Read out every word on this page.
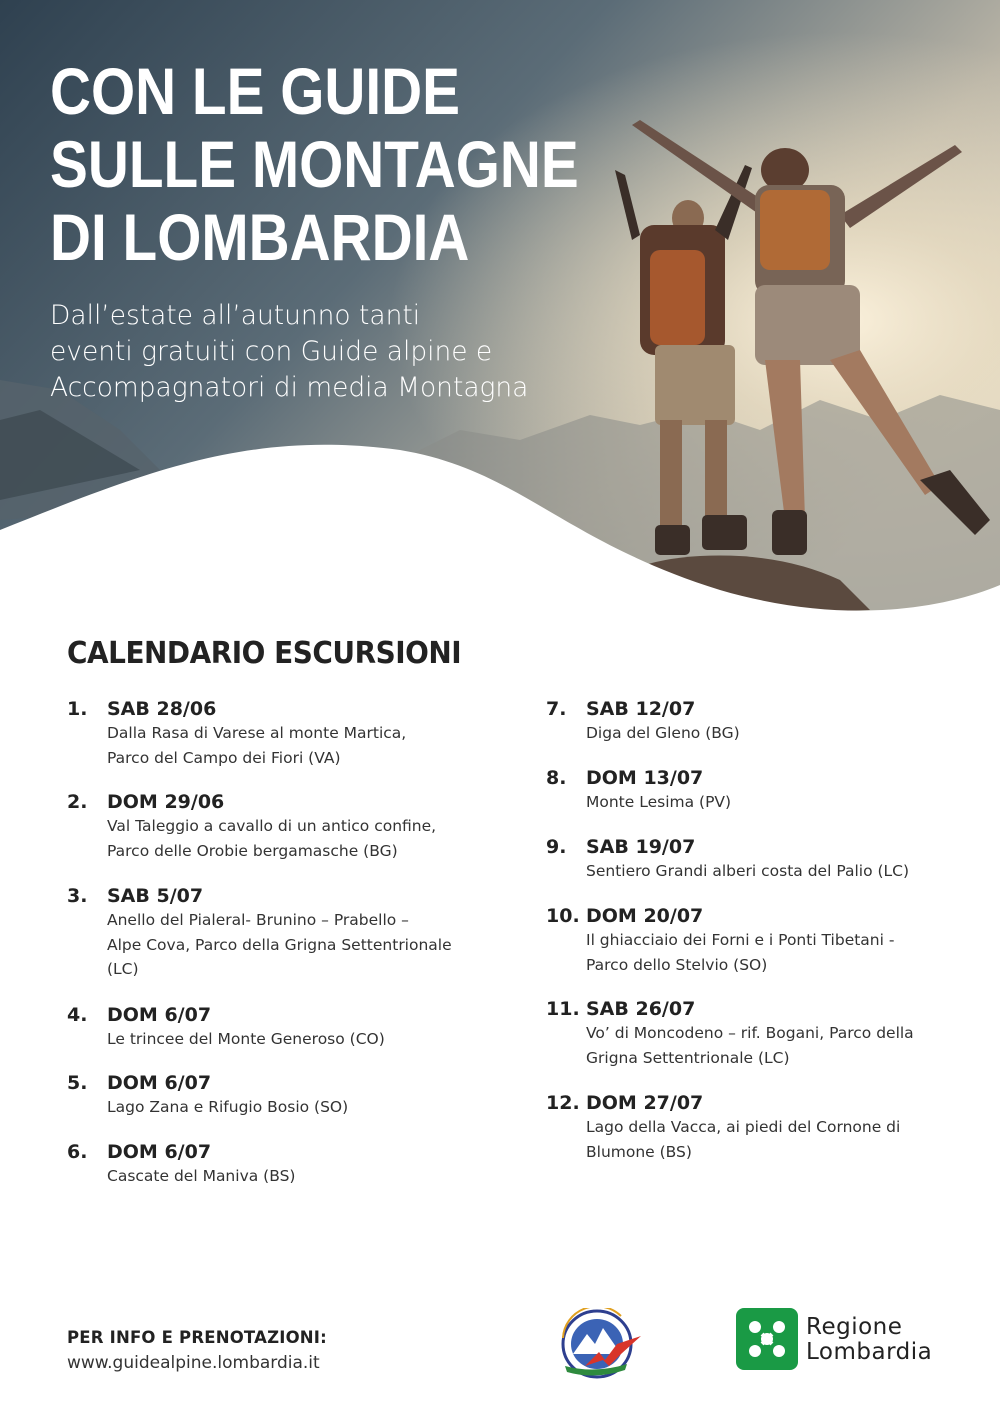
CON LE GUIDE
SULLE MONTAGNE
DI LOMBARDIA

Dall’estate all’autunno tanti
eventi gratuiti con Guide alpine e
Accompagnatori di media Montagna

CALENDARIO ESCURSIONI
1. SAB 28/06
Dalla Rasa di Varese al monte Martica,
Parco del Campo dei Fiori (VA)
2. DOM 29/06
Val Taleggio a cavallo di un antico confine,
Parco delle Orobie bergamasche (BG)
3. SAB 5/07
Anello del Pialeral- Brunino – Prabello –
Alpe Cova, Parco della Grigna Settentrionale
(LC)
4. DOM 6/07
Le trincee del Monte Generoso (CO)
5. DOM 6/07
Lago Zana e Rifugio Bosio (SO)
6. DOM 6/07
Cascate del Maniva (BS)
7. SAB 12/07
Diga del Gleno (BG)
8. DOM 13/07
Monte Lesima (PV)
9. SAB 19/07
Sentiero Grandi alberi costa del Palio (LC)
10. DOM 20/07
Il ghiacciaio dei Forni e i Ponti Tibetani -
Parco dello Stelvio (SO)
11. SAB 26/07
Vo’ di Moncodeno – rif. Bogani, Parco della
Grigna Settentrionale (LC)
12. DOM 27/07
Lago della Vacca, ai piedi del Cornone di
Blumone (BS)
PER INFO E PRENOTAZIONI:
www.guidealpine.lombardia.it
Regione
Lombardia
